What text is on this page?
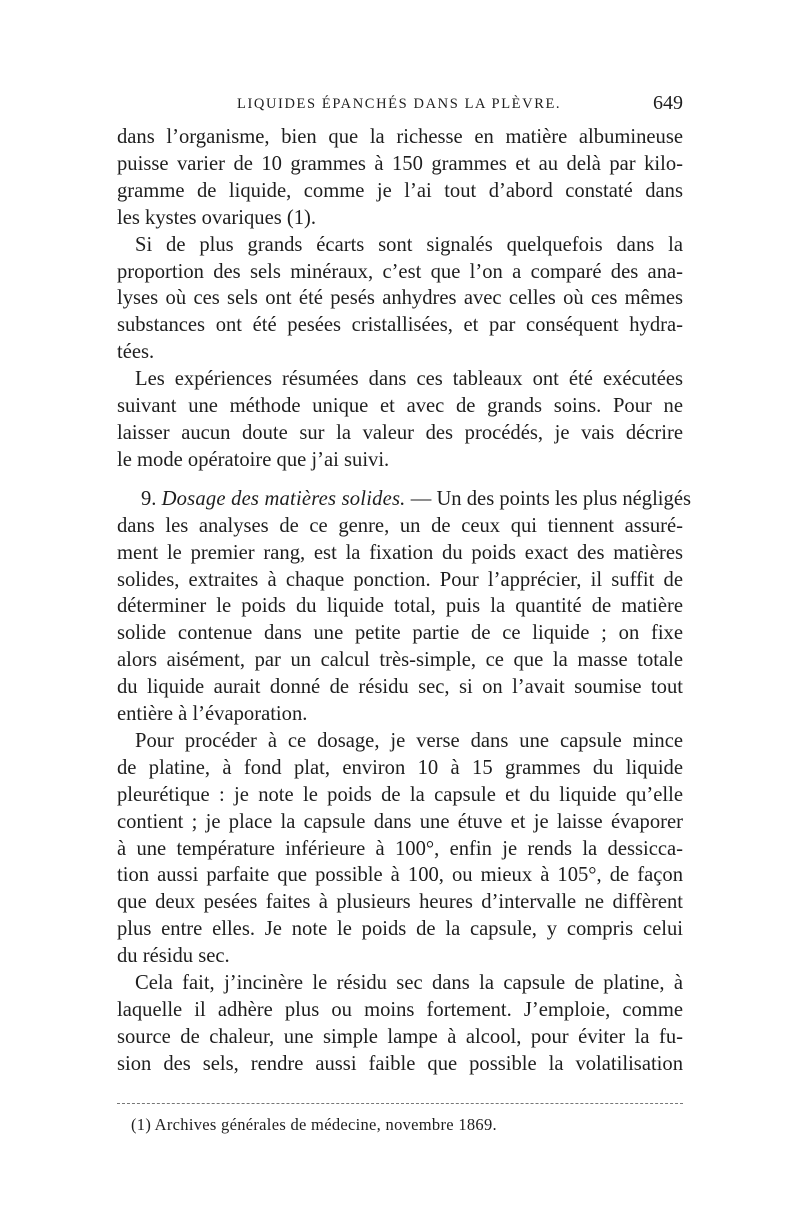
LIQUIDES ÉPANCHÉS DANS LA PLÈVRE.	649

dans l’organisme, bien que la richesse en matière albumineuse

puisse varier de 10 grammes à 150 grammes et au delà par kilo-

gramme de liquide, comme je l’ai tout d’abord constaté dans

les kystes ovariques (1).

Si de plus grands écarts sont signalés quelquefois dans la

proportion des sels minéraux, c’est que l’on a comparé des ana-

lyses où ces sels ont été pesés anhydres avec celles où ces mêmes

substances ont été pesées cristallisées, et par conséquent hydra-

tées.

Les expériences résumées dans ces tableaux ont été exécutées

suivant une méthode unique et avec de grands soins. Pour ne

laisser aucun doute sur la valeur des procédés, je vais décrire

le mode opératoire que j’ai suivi.

9. Dosage des matières solides. — Un des points les plus négligés

dans les analyses de ce genre, un de ceux qui tiennent assuré-

ment le premier rang, est la fixation du poids exact des matières

solides, extraites à chaque ponction. Pour l’apprécier, il suffit de

déterminer le poids du liquide total, puis la quantité de matière

solide contenue dans une petite partie de ce liquide ; on fixe

alors aisément, par un calcul très-simple, ce que la masse totale

du liquide aurait donné de résidu sec, si on l’avait soumise tout

entière à l’évaporation.

Pour procéder à ce dosage, je verse dans une capsule mince

de platine, à fond plat, environ 10 à 15 grammes du liquide

pleurétique : je note le poids de la capsule et du liquide qu’elle

contient ; je place la capsule dans une étuve et je laisse évaporer

à une température inférieure à 100°, enfin je rends la dessicca-

tion aussi parfaite que possible à 100, ou mieux à 105°, de façon

que deux pesées faites à plusieurs heures d’intervalle ne diffèrent

plus entre elles. Je note le poids de la capsule, y compris celui

du résidu sec.

Cela fait, j’incinère le résidu sec dans la capsule de platine, à

laquelle il adhère plus ou moins fortement. J’emploie, comme

source de chaleur, une simple lampe à alcool, pour éviter la fu-

sion des sels, rendre aussi faible que possible la volatilisation

(1) Archives générales de médecine, novembre 1869.
